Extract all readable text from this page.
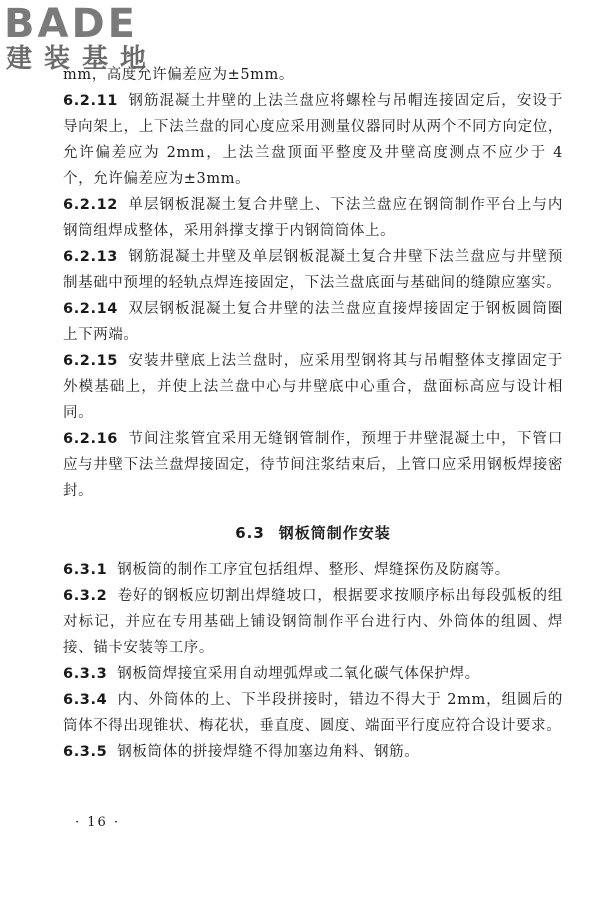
BADE
建装基地

mm，高度允许偏差应为±5mm。

6.2.11 钢筋混凝土井壁的上法兰盘应将螺栓与吊帽连接固定后，安设于导向架上，上下法兰盘的同心度应采用测量仪器同时从两个不同方向定位，允许偏差应为 2mm，上法兰盘顶面平整度及井壁高度测点不应少于 4 个，允许偏差应为±3mm。

6.2.12 单层钢板混凝土复合井壁上、下法兰盘应在钢筒制作平台上与内钢筒组焊成整体，采用斜撑支撑于内钢筒筒体上。

6.2.13 钢筋混凝土井壁及单层钢板混凝土复合井壁下法兰盘应与井壁预制基础中预埋的轻轨点焊连接固定，下法兰盘底面与基础间的缝隙应塞实。

6.2.14 双层钢板混凝土复合井壁的法兰盘应直接焊接固定于钢板圆筒圈上下两端。

6.2.15 安装井壁底上法兰盘时，应采用型钢将其与吊帽整体支撑固定于外模基础上，并使上法兰盘中心与井壁底中心重合，盘面标高应与设计相同。

6.2.16 节间注浆管宜采用无缝钢管制作，预埋于井壁混凝土中，下管口应与井壁下法兰盘焊接固定，待节间注浆结束后，上管口应采用钢板焊接密封。

6.3 钢板筒制作安装

6.3.1 钢板筒的制作工序宜包括组焊、整形、焊缝探伤及防腐等。

6.3.2 卷好的钢板应切割出焊缝坡口，根据要求按顺序标出每段弧板的组对标记，并应在专用基础上铺设钢筒制作平台进行内、外筒体的组圆、焊接、锚卡安装等工序。

6.3.3 钢板筒焊接宜采用自动埋弧焊或二氧化碳气体保护焊。

6.3.4 内、外筒体的上、下半段拼接时，错边不得大于 2mm，组圆后的筒体不得出现锥状、梅花状，垂直度、圆度、端面平行度应符合设计要求。

6.3.5 钢板筒体的拼接焊缝不得加塞边角料、钢筋。

· 16 ·
